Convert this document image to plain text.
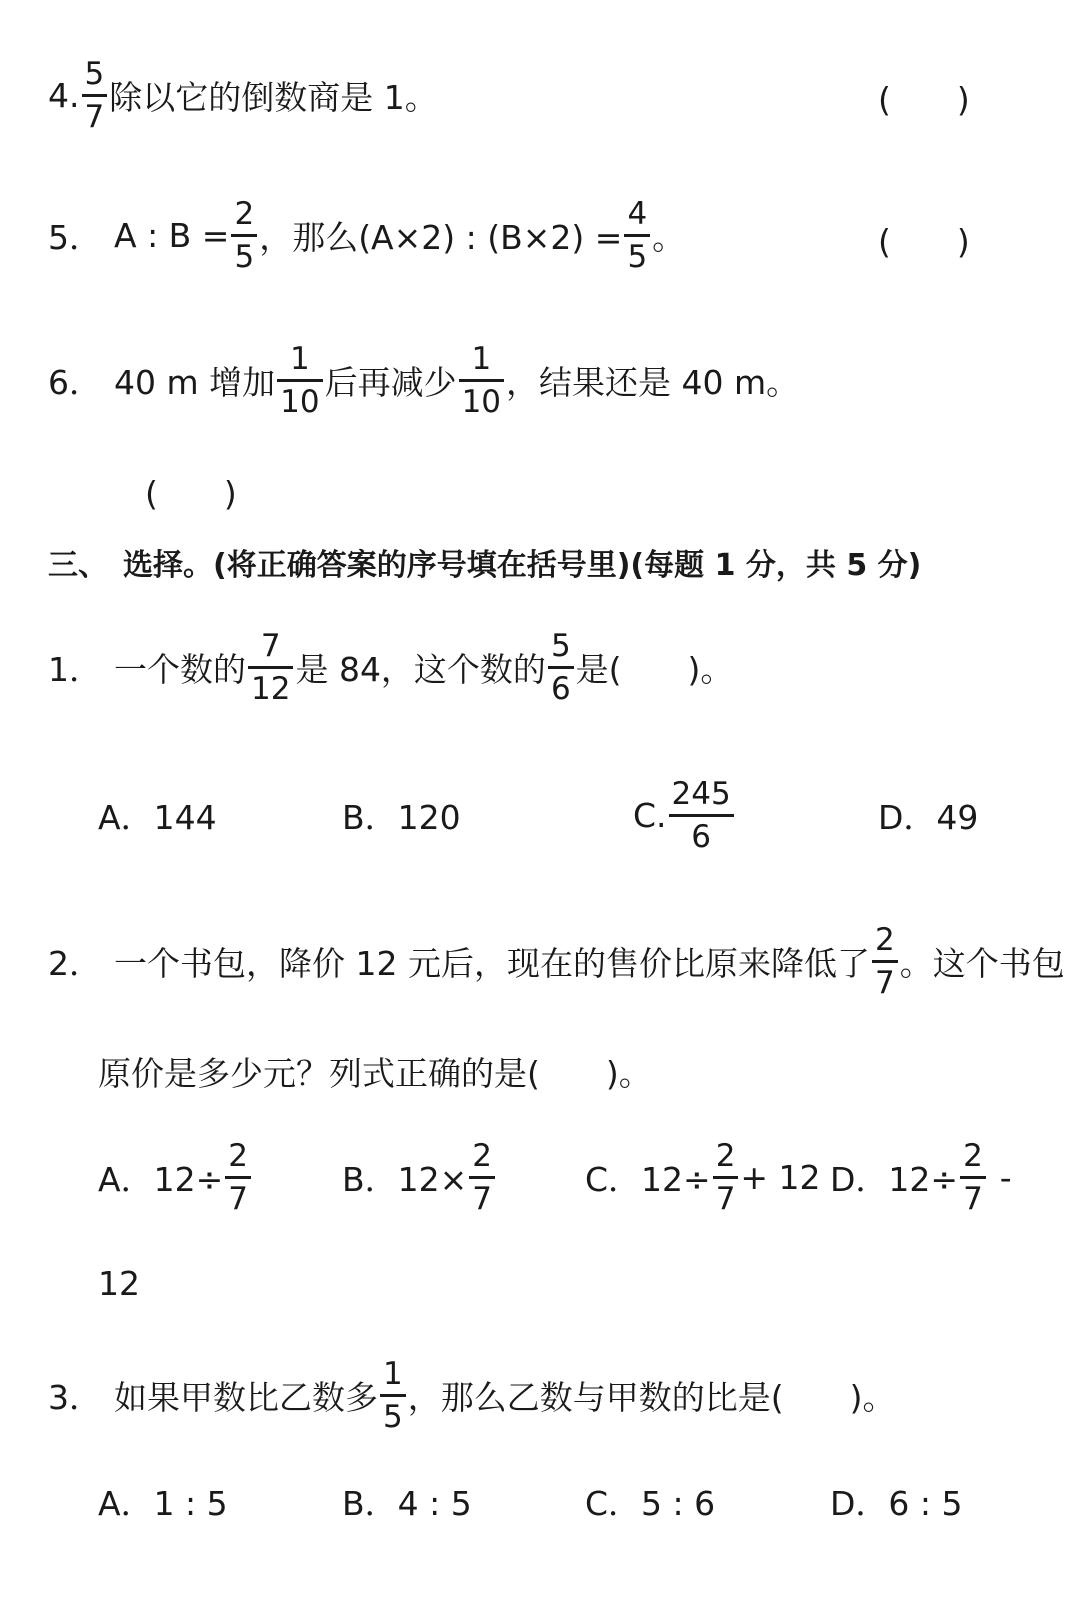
4. $\frac{5}{7}$ 除以它的倒数商是 1。	(　　)
5． A : $B = \frac{2}{5}$ ，那么(A×2) : $(B\times 2) = \frac{4}{5}$ 。	(　　)
6． 40 m 增加 $\frac{1}{10}$ 后再减少 $\frac{1}{10}$ ，结果还是 40 m。
(　　)
三、　选择。(将正确答案的序号填在括号里)(每题 1 分，共 5 分)
1． 一个数的 $\frac{7}{12}$ 是 84，这个数的 $\frac{5}{6}$ 是(　　)。
A．144	B．120	C. $\frac{245}{6}$	D．49
2． 一个书包，降价 12 元后，现在的售价比原来降低了 $\frac{2}{7}$ 。这个书包
原价是多少元？列式正确的是(　　)。
A．$12\div \frac{2}{7}$	B．$12\times \frac{2}{7}$	C．$12\div \frac{2}{7} + 12$ D．$12\div \frac{2}{7}$ -
12
3． 如果甲数比乙数多 $\frac{1}{5}$ ，那么乙数与甲数的比是(　　)。
A．1 : 5	B．4 : 5	C．5 : 6	D．6 : 5
